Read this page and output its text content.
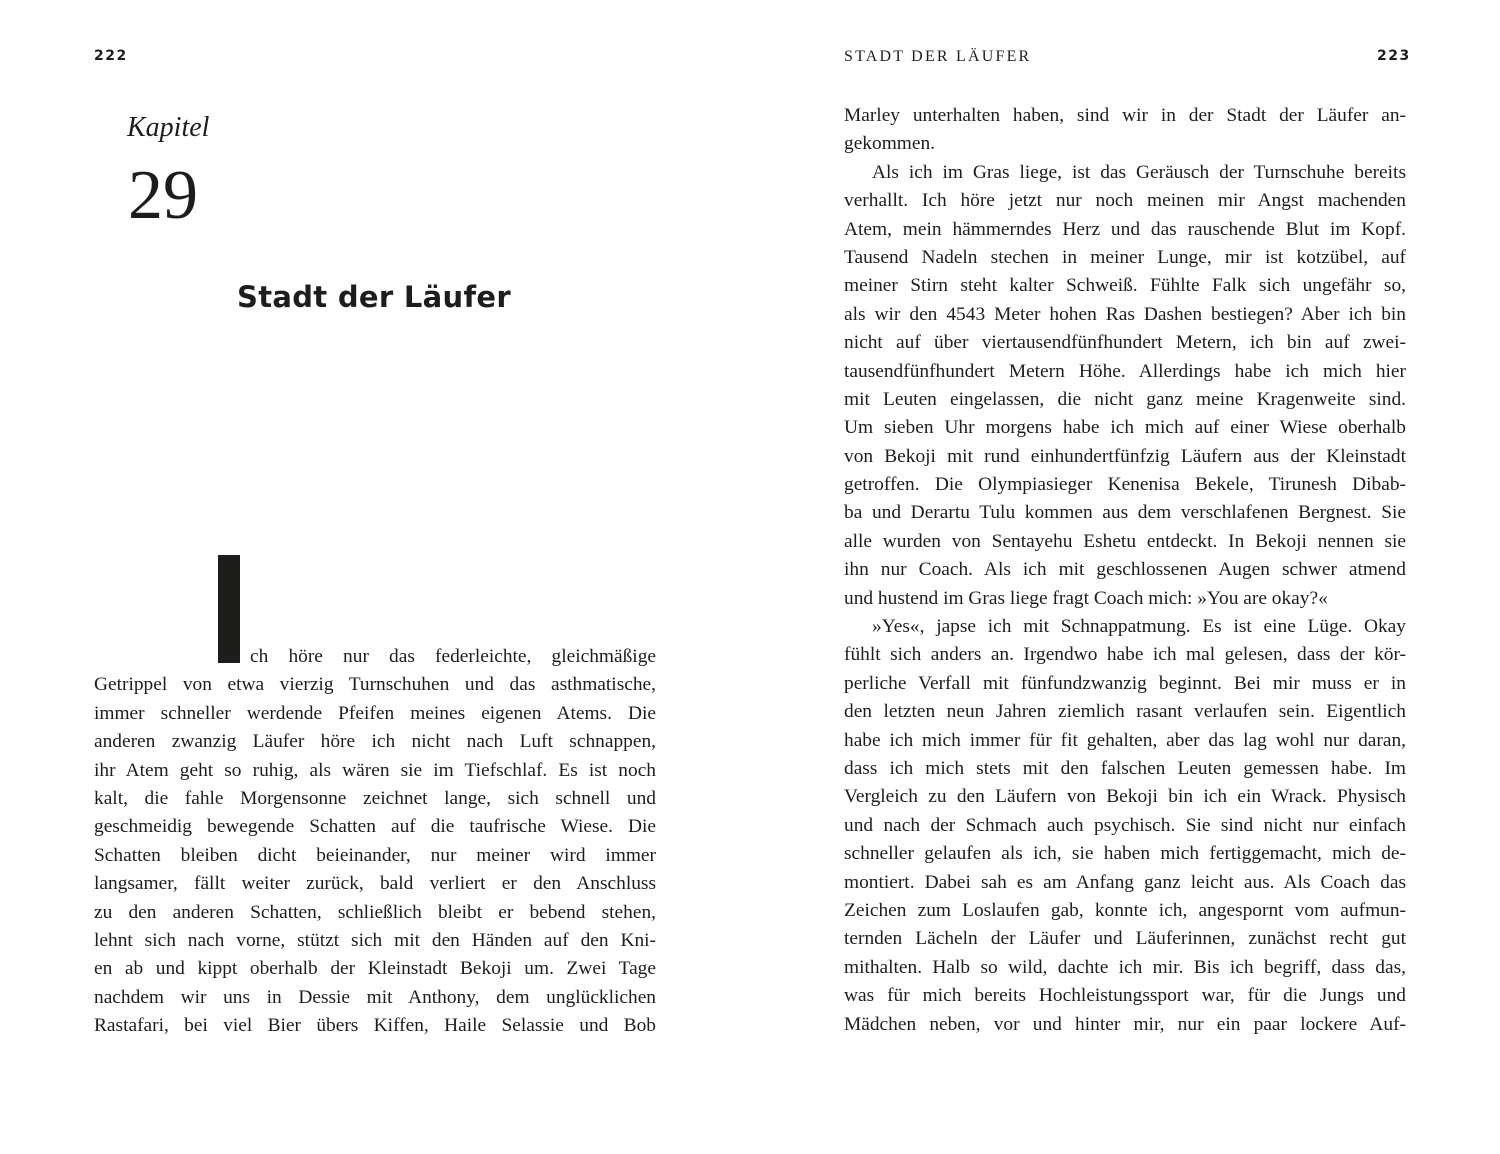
222
Kapitel
29
Stadt der Läufer
ch höre nur das federleichte, gleichmäßige
Getrippel von etwa vierzig Turnschuhen und das asthmatische,
immer schneller werdende Pfeifen meines eigenen Atems. Die
anderen zwanzig Läufer höre ich nicht nach Luft schnappen,
ihr Atem geht so ruhig, als wären sie im Tiefschlaf. Es ist noch
kalt, die fahle Morgensonne zeichnet lange, sich schnell und
geschmeidig bewegende Schatten auf die taufrische Wiese. Die
Schatten bleiben dicht beieinander, nur meiner wird immer
langsamer, fällt weiter zurück, bald verliert er den Anschluss
zu den anderen Schatten, schließlich bleibt er bebend stehen,
lehnt sich nach vorne, stützt sich mit den Händen auf den Kni-
en ab und kippt oberhalb der Kleinstadt Bekoji um. Zwei Tage
nachdem wir uns in Dessie mit Anthony, dem unglücklichen
Rastafari, bei viel Bier übers Kiffen, Haile Selassie und Bob
STADT DER LÄUFER	223
Marley unterhalten haben, sind wir in der Stadt der Läufer an-
gekommen.
Als ich im Gras liege, ist das Geräusch der Turnschuhe bereits
verhallt. Ich höre jetzt nur noch meinen mir Angst machenden
Atem, mein hämmerndes Herz und das rauschende Blut im Kopf.
Tausend Nadeln stechen in meiner Lunge, mir ist kotzübel, auf
meiner Stirn steht kalter Schweiß. Fühlte Falk sich ungefähr so,
als wir den 4543 Meter hohen Ras Dashen bestiegen? Aber ich bin
nicht auf über viertausendfünfhundert Metern, ich bin auf zwei-
tausendfünfhundert Metern Höhe. Allerdings habe ich mich hier
mit Leuten eingelassen, die nicht ganz meine Kragenweite sind.
Um sieben Uhr morgens habe ich mich auf einer Wiese oberhalb
von Bekoji mit rund einhundertfünfzig Läufern aus der Kleinstadt
getroffen. Die Olympiasieger Kenenisa Bekele, Tirunesh Dibab-
ba und Derartu Tulu kommen aus dem verschlafenen Bergnest. Sie
alle wurden von Sentayehu Eshetu entdeckt. In Bekoji nennen sie
ihn nur Coach. Als ich mit geschlossenen Augen schwer atmend
und hustend im Gras liege fragt Coach mich: »You are okay?«
»Yes«, japse ich mit Schnappatmung. Es ist eine Lüge. Okay
fühlt sich anders an. Irgendwo habe ich mal gelesen, dass der kör-
perliche Verfall mit fünfundzwanzig beginnt. Bei mir muss er in
den letzten neun Jahren ziemlich rasant verlaufen sein. Eigentlich
habe ich mich immer für fit gehalten, aber das lag wohl nur daran,
dass ich mich stets mit den falschen Leuten gemessen habe. Im
Vergleich zu den Läufern von Bekoji bin ich ein Wrack. Physisch
und nach der Schmach auch psychisch. Sie sind nicht nur einfach
schneller gelaufen als ich, sie haben mich fertiggemacht, mich de-
montiert. Dabei sah es am Anfang ganz leicht aus. Als Coach das
Zeichen zum Loslaufen gab, konnte ich, angespornt vom aufmun-
ternden Lächeln der Läufer und Läuferinnen, zunächst recht gut
mithalten. Halb so wild, dachte ich mir. Bis ich begriff, dass das,
was für mich bereits Hochleistungssport war, für die Jungs und
Mädchen neben, vor und hinter mir, nur ein paar lockere Auf-
